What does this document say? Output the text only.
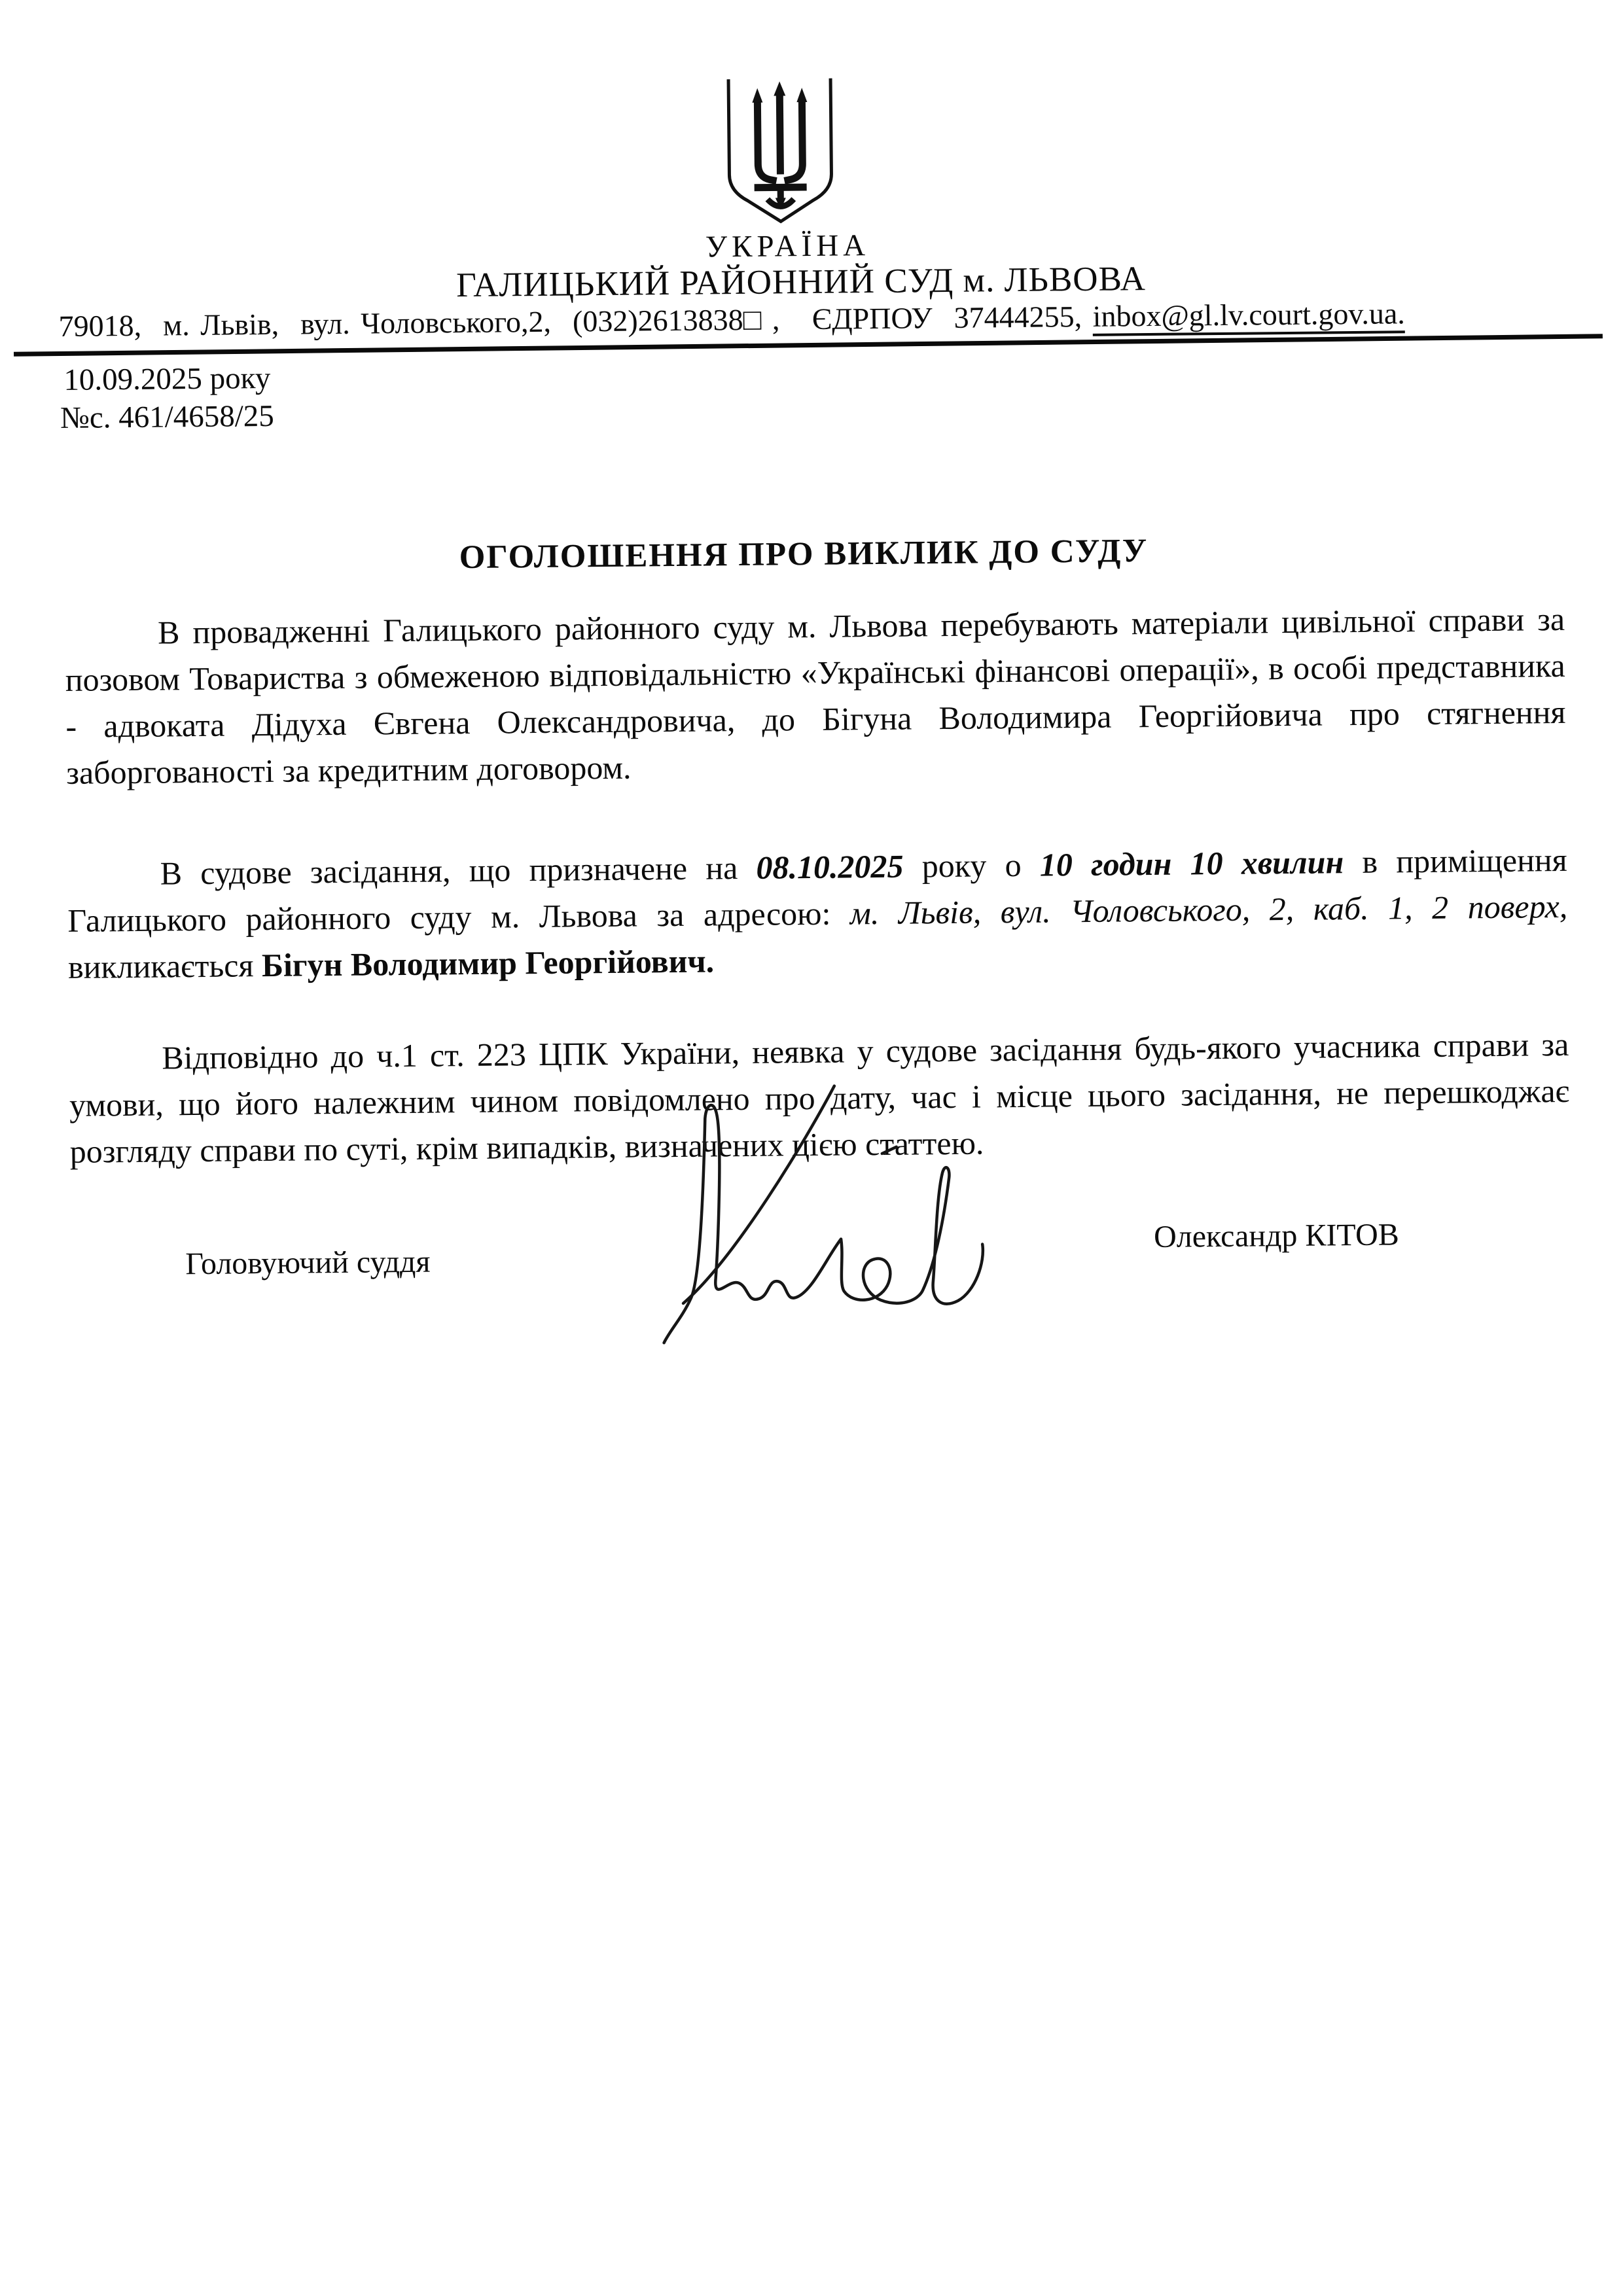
УКРАЇНА
ГАЛИЦЬКИЙ РАЙОННИЙ СУД м. ЛЬВОВА
79018,  м. Львів,  вул. Чоловського,2,  (032)2613838□ ,   ЄДРПОУ  37444255, inbox@gl.lv.court.gov.ua.
10.09.2025 року
№с. 461/4658/25
ОГОЛОШЕННЯ ПРО ВИКЛИК ДО СУДУ
В провадженні Галицького районного суду м. Львова перебувають матеріали цивільної справи за позовом Товариства з обмеженою відповідальністю «Українські фінансові операції», в особі представника - адвоката Дідуха Євгена Олександровича, до Бігуна Володимира Георгійовича про стягнення заборгованості за кредитним договором.
В судове засідання, що призначене на 08.10.2025 року о 10 годин 10 хвилин в приміщення Галицького районного суду м. Львова за адресою: м. Львів, вул. Чоловського, 2, каб. 1, 2 поверх, викликається Бігун Володимир Георгійович.
Відповідно до ч.1 ст. 223 ЦПК України, неявка у судове засідання будь-якого учасника справи за умови, що його належним чином повідомлено про дату, час і місце цього засідання, не перешкоджає розгляду справи по суті, крім випадків, визначених цією статтею.
Головуючий суддя
Олександр КІТОВ
